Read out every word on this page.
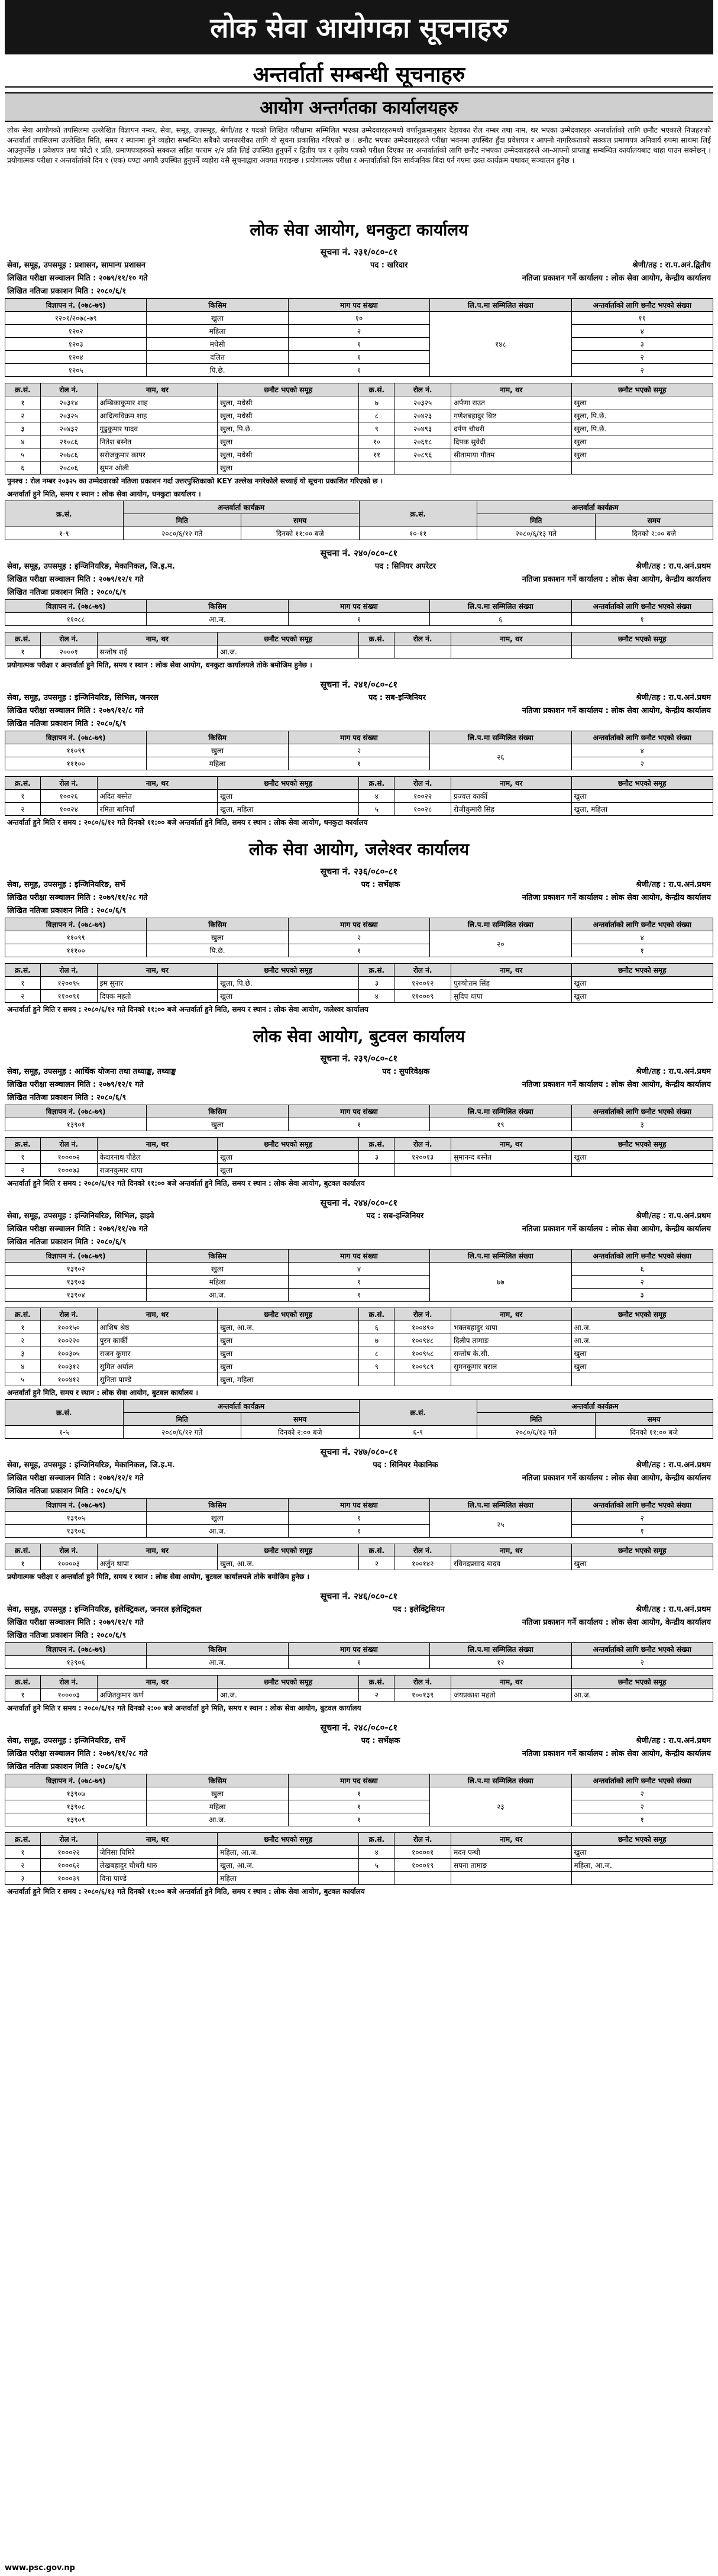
लोक सेवा आयोगका सूचनाहरु
अन्तर्वार्ता सम्बन्धी सूचनाहरु
आयोग अन्तर्गतका कार्यालयहरु
लोक सेवा आयोगको तपसिलमा उल्लेखित विज्ञापन नम्बर, सेवा, समूह, उपसमूह, श्रेणी/तह र पदको लिखित परीक्षामा सम्मिलित भएका उम्मेदवारहरुमध्ये वर्णानुक्रमानुसार देहायका रोल नम्बर तथा नाम, थर भएका उम्मेदवारहरु अन्तर्वार्ताको लागि छनौट भएकाले निजहरुको अन्तर्वार्ता तपसिलमा उल्लेखित मिति, समय र स्थानमा हुने व्यहोरा सम्बन्धित सबैको जानकारीका लागि यो सूचना प्रकाशित गरिएको छ । छनौट भएका उम्मेदवारहरुले परीक्षा भवनमा उपस्थित हुँदा प्रवेशपत्र र आफ्नो नागरिकताको सक्कल प्रमाणपत्र अनिवार्य रुपमा साथमा लिई आउनुपर्नेछ । प्रवेशपत्र तथा फोटो १ प्रति, प्रमाणपत्रहरुको सक्कल सहित फाराम २/२ प्रति लिई उपस्थित हुनुपर्ने र द्वितीय पत्र र तृतीय पत्रको परीक्षा दिएका तर अन्तर्वार्ताको लागि छनौट नभएका उम्मेदवारहरुले आ-आफ्नो प्राप्ताङ्क सम्बन्धित कार्यालयबाट थाहा पाउन सक्नेछन् । प्रयोगात्मक परीक्षा र अन्तर्वार्ताको दिन १ (एक) घण्टा अगावै उपस्थित हुनुपर्ने व्यहोरा यसै सूचनाद्वारा अवगत गराइन्छ । प्रयोगात्मक परीक्षा र अन्तर्वार्ताको दिन सार्वजनिक बिदा पर्न गएमा उक्त कार्यक्रम यथावत् सञ्चालन हुनेछ ।
लोक सेवा आयोग, धनकुटा कार्यालय
सूचना नं. २३१/०८०-८१
सेवा, समूह, उपसमूह : प्रशासन, सामान्य प्रशासन	पद : खरिदार	श्रेणी/तह : रा.प.अनं.द्वितीय
लिखित परीक्षा सञ्चालन मिति : २०७९/११/१० गते	नतिजा प्रकाशन गर्ने कार्यालय : लोक सेवा आयोग, केन्द्रीय कार्यालय
लिखित नतिजा प्रकाशन मिति : २०८०/६/१
विज्ञापन नं. (०७८-७९)	किसिम	माग पद संख्या	लि.प.मा सम्मिलित संख्या	अन्तर्वार्ताको लागि छनौट भएको संख्या
१२०१/२०७८-७९	खुला	१०	१४८	११
१२०२	महिला	२		४
१२०३	मधेसी	१		३
१२०४	दलित	१		२
१२०५	पि.छे.	१		२
क्र.सं.	रोल नं.	नाम, थर	छनौट भएको समूह	क्र.सं.	रोल नं.	नाम, थर	छनौट भएको समूह
१	२०३१४	अम्बिकाकुमार शाह	खुला, मधेसी	७	२०३२५	अर्पणा राउत	खुला
२	२०३२५	आदित्यविक्रम शाह	खुला, मधेसी	८	२०४२३	गणेशबहादुर बिष्ट	खुला, पि.छे.
३	२०४३२	गुड्डकुमार यादव	खुला, पि.छे.	९	२०४९३	दर्पण चौधरी	खुला, पि.छे.
४	२१०८६	नितेश बस्नेत	खुला	१०	२०६१८	दिपक सुवेदी	खुला
५	२०७८६	सरोजकुमार कापर	खुला, मधेसी	११	२०८९६	सीतामाया गौतम	खुला
६	२०८०६	सुमन ओली	खुला				
पुनश्च : रोल नम्बर २०३२५ का उम्मेदवारको नतिजा प्रकाशन गर्दा उत्तरपुस्तिकाको KEY उल्लेख नगरेकोले सच्याई यो सूचना प्रकाशित गरिएको छ ।
अन्तर्वार्ता हुने मिति, समय र स्थान : लोक सेवा आयोग, धनकुटा कार्यालय ।
क्र.सं.	अन्तर्वार्ता कार्यक्रम		क्र.सं.	अन्तर्वार्ता कार्यक्रम	
	मिति	समय		मिति	समय
१-९	२०८०/६/१२ गते	दिनको ११:०० बजे	१०-११	२०८०/६/१३ गते	दिनको २:०० बजे
सूचना नं. २४०/०८०-८१
सेवा, समूह, उपसमूह : इन्जिनियरिङ, मेकानिकल, जि.इ.म.	पद : सिनियर अपरेटर	श्रेणी/तह : रा.प.अनं.प्रथम
लिखित परीक्षा सञ्चालन मिति : २०७९/१२/१ गते	नतिजा प्रकाशन गर्ने कार्यालय : लोक सेवा आयोग, केन्द्रीय कार्यालय
लिखित नतिजा प्रकाशन मिति : २०८०/६/९
विज्ञापन नं. (०७८-७९)	किसिम	माग पद संख्या	लि.प.मा सम्मिलित संख्या	अन्तर्वार्ताको लागि छनौट भएको संख्या
११०८८	आ.ज.	१	६	१
क्र.सं.	रोल नं.	नाम, थर	छनौट भएको समूह	क्र.सं.	रोल नं.	नाम, थर	छनौट भएको समूह
१	२०००१	सन्तोष राई	आ.ज.				
प्रयोगात्मक परीक्षा र अन्तर्वार्ता हुने मिति, समय र स्थान : लोक सेवा आयोग, धनकुटा कार्यालयले तोके बमोजिम हुनेछ ।
सूचना नं. २४१/०८०-८१
सेवा, समूह, उपसमूह : इन्जिनियरिङ, सिभिल, जनरल	पद : सब-इन्जिनियर	श्रेणी/तह : रा.प.अनं.प्रथम
लिखित परीक्षा सञ्चालन मिति : २०७९/१२/८ गते	नतिजा प्रकाशन गर्ने कार्यालय : लोक सेवा आयोग, केन्द्रीय कार्यालय
लिखित नतिजा प्रकाशन मिति : २०८०/६/९
विज्ञापन नं. (०७८-७९)	किसिम	माग पद संख्या	लि.प.मा सम्मिलित संख्या	अन्तर्वार्ताको लागि छनौट भएको संख्या
११०९९	खुला	२	२६	४
१११००	महिला	१		२
क्र.सं.	रोल नं.	नाम, थर	छनौट भएको समूह	क्र.सं.	रोल नं.	नाम, थर	छनौट भएको समूह
१	१००२६	अदित बस्नेत	खुला	४	१००२२	प्रज्वल कार्की	खुला
२	१००२४	रमिता बानियाँ	खुला, महिला	५	१००२८	रोजीकुमारी सिंह	खुला, महिला
अन्तर्वार्ता हुने मिति र समय : २०८०/६/१२ गते दिनको ११:०० बजे अन्तर्वार्ता हुने मिति, समय र स्थान : लोक सेवा आयोग, धनकुटा कार्यालय
लोक सेवा आयोग, जलेश्वर कार्यालय
सूचना नं. २३६/०८०-८१
सेवा, समूह, उपसमूह : इन्जिनियरिङ, सर्भे	पद : सर्भेक्षक	श्रेणी/तह : रा.प.अनं.प्रथम
लिखित परीक्षा सञ्चालन मिति : २०७९/११/२८ गते	नतिजा प्रकाशन गर्ने कार्यालय : लोक सेवा आयोग, केन्द्रीय कार्यालय
लिखित नतिजा प्रकाशन मिति : २०८०/६/९
विज्ञापन नं. (०७८-७९)	किसिम	माग पद संख्या	लि.प.मा सम्मिलित संख्या	अन्तर्वार्ताको लागि छनौट भएको संख्या
११०९९	खुला	२	२०	४
१११००	पि.छे.	१		१
क्र.सं.	रोल नं.	नाम, थर	छनौट भएको समूह	क्र.सं.	रोल नं.	नाम, थर	छनौट भएको समूह
१	१२००९५	इम सुनार	खुला, पि.छे.	३	१२००१२	पुरुषोत्तम सिंह	खुला
२	११००९१	दिपक महतो	खुला	४	११०००९	सुदिप थापा	खुला
अन्तर्वार्ता हुने मिति र समय : २०८०/६/१२ गते दिनको ११:०० बजे अन्तर्वार्ता हुने मिति, समय र स्थान : लोक सेवा आयोग, जलेश्वर कार्यालय
लोक सेवा आयोग, बुटवल कार्यालय
सूचना नं. २३९/०८०-८१
सेवा, समूह, उपसमूह : आर्थिक योजना तथा तथ्याङ्क, तथ्याङ्क	पद : सुपरिवेक्षक	श्रेणी/तह : रा.प.अनं.प्रथम
लिखित परीक्षा सञ्चालन मिति : २०७९/१२/१ गते	नतिजा प्रकाशन गर्ने कार्यालय : लोक सेवा आयोग, केन्द्रीय कार्यालय
लिखित नतिजा प्रकाशन मिति : २०८०/६/९
विज्ञापन नं. (०७८-७९)	किसिम	माग पद संख्या	लि.प.मा सम्मिलित संख्या	अन्तर्वार्ताको लागि छनौट भएको संख्या
१३९०१	खुला	१	१९	३
क्र.सं.	रोल नं.	नाम, थर	छनौट भएको समूह	क्र.सं.	रोल नं.	नाम, थर	छनौट भएको समूह
१	१००००२	केदारनाथ पौडेल	खुला	३	१२००१३	सुमानन्द बस्नेत	खुला
२	१०००७३	राजनकुमार थापा	खुला				
अन्तर्वार्ता हुने मिति र समय : २०८०/६/१२ गते दिनको ११:०० बजे अन्तर्वार्ता हुने मिति, समय र स्थान : लोक सेवा आयोग, बुटवल कार्यालय
सूचना नं. २४४/०८०-८१
सेवा, समूह, उपसमूह : इन्जिनियरिङ, सिभिल, हाइवे	पद : सब-इन्जिनियर	श्रेणी/तह : रा.प.अनं.प्रथम
लिखित परीक्षा सञ्चालन मिति : २०७९/११/२७ गते	नतिजा प्रकाशन गर्ने कार्यालय : लोक सेवा आयोग, केन्द्रीय कार्यालय
लिखित नतिजा प्रकाशन मिति : २०८०/६/९
विज्ञापन नं. (०७८-७९)	किसिम	माग पद संख्या	लि.प.मा सम्मिलित संख्या	अन्तर्वार्ताको लागि छनौट भएको संख्या
१३९०२	खुला	४	७७	६
१३९०३	महिला	१		२
१३९०४	आ.ज.	१		३
क्र.सं.	रोल नं.	नाम, थर	छनौट भएको समूह	क्र.सं.	रोल नं.	नाम, थर	छनौट भएको समूह
१	१००१५०	आशिष श्रेष्ठ	खुला, आ.ज.	६	१००४९०	भक्तबहादुर थापा	आ.ज.
२	१००२२०	पुरन कार्की	खुला	७	१००९४८	दिलीप तामाङ	आ.ज.
३	१००३०५	राजन कुमार	खुला	८	१००९५८	सन्तोष के.सी.	खुला
४	१००३१२	सुमित अर्याल	खुला	९	१००९८९	सुमनकुमार बराल	खुला
५	१००४१२	सुनिता पाण्डे	खुला, महिला				
अन्तर्वार्ता हुने मिति, समय र स्थान : लोक सेवा आयोग, बुटवल कार्यालय ।
क्र.सं.	अन्तर्वार्ता कार्यक्रम		क्र.सं.	अन्तर्वार्ता कार्यक्रम	
	मिति	समय		मिति	समय
१-५	२०८०/६/१२ गते	दिनको २:०० बजे	६-९	२०८०/६/१३ गते	दिनको ११:०० बजे
सूचना नं. २४७/०८०-८१
सेवा, समूह, उपसमूह : इन्जिनियरिङ, मेकानिकल, जि.इ.म.	पद : सिनियर मेकानिक	श्रेणी/तह : रा.प.अनं.प्रथम
लिखित परीक्षा सञ्चालन मिति : २०७९/१२/१ गते	नतिजा प्रकाशन गर्ने कार्यालय : लोक सेवा आयोग, केन्द्रीय कार्यालय
लिखित नतिजा प्रकाशन मिति : २०८०/६/९
विज्ञापन नं. (०७८-७९)	किसिम	माग पद संख्या	लि.प.मा सम्मिलित संख्या	अन्तर्वार्ताको लागि छनौट भएको संख्या
१३९०५	खुला	१	२५	२
१३९०६	आ.ज.	१		१
क्र.सं.	रोल नं.	नाम, थर	छनौट भएको समूह	क्र.सं.	रोल नं.	नाम, थर	छनौट भएको समूह
१	१००००३	अर्जुन थापा	खुला, आ.ज.	२	१००१४२	रविनद्रप्रसाद यादव	खुला
प्रयोगात्मक परीक्षा र अन्तर्वार्ता हुने मिति, समय र स्थान : लोक सेवा आयोग, बुटवल कार्यालयले तोके बमोजिम हुनेछ ।
सूचना नं. २४६/०८०-८१
सेवा, समूह, उपसमूह : इन्जिनियरिङ, इलेक्ट्रिकल, जनरल इलेक्ट्रिकल	पद : इलेक्ट्रिसियन	श्रेणी/तह : रा.प.अनं.प्रथम
लिखित परीक्षा सञ्चालन मिति : २०७९/१२/१ गते	नतिजा प्रकाशन गर्ने कार्यालय : लोक सेवा आयोग, केन्द्रीय कार्यालय
लिखित नतिजा प्रकाशन मिति : २०८०/६/९
विज्ञापन नं. (०७८-७९)	किसिम	माग पद संख्या	लि.प.मा सम्मिलित संख्या	अन्तर्वार्ताको लागि छनौट भएको संख्या
१३९०६	आ.ज.	१	१२	२
क्र.सं.	रोल नं.	नाम, थर	छनौट भएको समूह	क्र.सं.	रोल नं.	नाम, थर	छनौट भएको समूह
१	१००००३	अजितकुमार कर्ण	आ.ज.	२	१००१३९	जयप्रकाश महतो	आ.ज.
अन्तर्वार्ता हुने मिति र समय : २०८०/६/१२ गते दिनको २:०० बजे अन्तर्वार्ता हुने मिति, समय र स्थान : लोक सेवा आयोग, बुटवल कार्यालय
सूचना नं. २४८/०८०-८१
सेवा, समूह, उपसमूह : इन्जिनियरिङ, सर्भे	पद : सर्भेक्षक	श्रेणी/तह : रा.प.अनं.प्रथम
लिखित परीक्षा सञ्चालन मिति : २०७९/११/२८ गते	नतिजा प्रकाशन गर्ने कार्यालय : लोक सेवा आयोग, केन्द्रीय कार्यालय
लिखित नतिजा प्रकाशन मिति : २०८०/६/९
विज्ञापन नं. (०७८-७९)	किसिम	माग पद संख्या	लि.प.मा सम्मिलित संख्या	अन्तर्वार्ताको लागि छनौट भएको संख्या
१३९०७	खुला	१	२३	२
१३९०८	महिला	१		२
१३९०९	आ.ज.	१		१
क्र.सं.	रोल नं.	नाम, थर	छनौट भएको समूह	क्र.सं.	रोल नं.	नाम, थर	छनौट भएको समूह
१	१०००२२	जेनिसा घिमिरे	महिला, आ.ज.	४	१००००१	मदन पन्थी	खुला
२	१०००६२	लेखबहादुर चौधरी थारु	खुला, आ.ज.	५	१०००१९	सपना तामाङ	महिला, आ.ज.
३	१०००३९	विना पाण्डे	महिला				
अन्तर्वार्ता हुने मिति र समय : २०८०/६/१३ गते दिनको ११:०० बजे अन्तर्वार्ता हुने मिति, समय र स्थान : लोक सेवा आयोग, बुटवल कार्यालय
www.psc.gov.np
